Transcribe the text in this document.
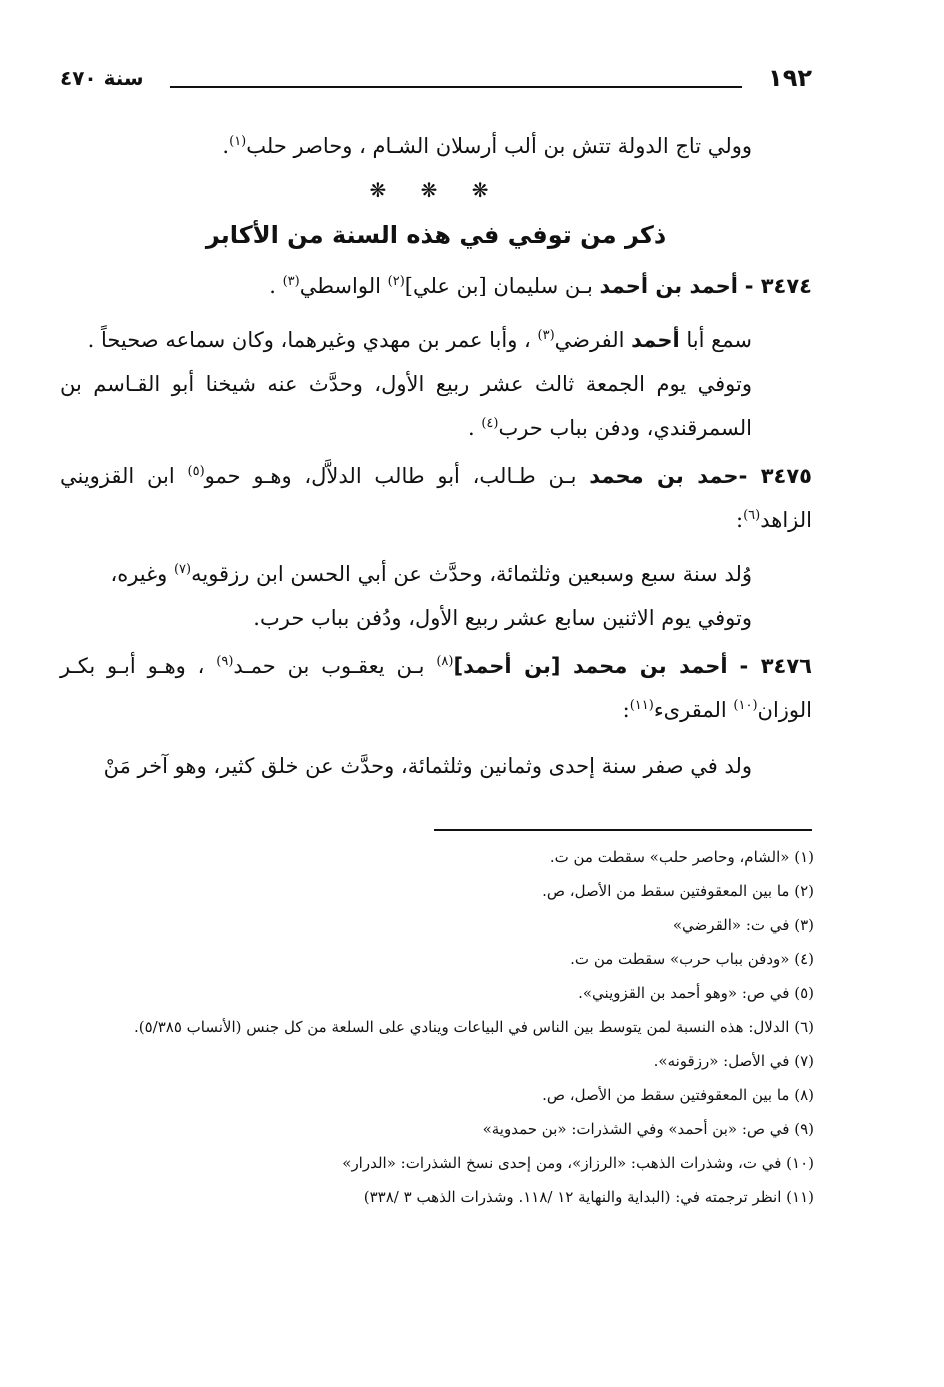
١٩٢
سنة ٤٧٠

وولي تاج الدولة تتش بن ألب أرسلان الشـام ، وحاصر حلب$^{(١)}$.

❋ ❋ ❋

ذكر من توفي في هذه السنة من الأكابر

٣٤٧٤ - أحمد بن أحمد بـن سليمان [بن علي]$^{(٢)}$ الواسطي$^{(٣)}$ .

سمع أبا أحمد الفرضي$^{(٣)}$ ، وأبا عمر بن مهدي وغيرهما، وكان سماعه صحيحاً .

وتوفي يوم الجمعة ثالث عشر ربيع الأول، وحدَّث عنه شيخنا أبو القـاسم بن السمرقندي، ودفن بباب حرب$^{(٤)}$ .

٣٤٧٥ -حمد بن محمد بـن طـالب، أبو طالب الدلاَّل، وهـو حمو$^{(٥)}$ ابن القزويني الزاهد$^{(٦)}$:

وُلد سنة سبع وسبعين وثلثمائة، وحدَّث عن أبي الحسن ابن رزقويه$^{(٧)}$ وغيره،

وتوفي يوم الاثنين سابع عشر ربيع الأول، ودُفن بباب حرب.

٣٤٧٦ - أحمد بن محمد [بن أحمد]$^{(٨)}$ بـن يعقـوب بن حمـد$^{(٩)}$ ، وهـو أبـو بكـر الوزان$^{(١٠)}$ المقرىء$^{(١١)}$:

ولد في صفر سنة إحدى وثمانين وثلثمائة، وحدَّث عن خلق كثير، وهو آخر مَنْ

(١) «الشام، وحاصر حلب» سقطت من ت.

(٢) ما بين المعقوفتين سقط من الأصل، ص.

(٣) في ت: «القرضي»

(٤) «ودفن بباب حرب» سقطت من ت.

(٥) في ص: «وهو أحمد بن القزويني».

(٦) الدلال: هذه النسبة لمن يتوسط بين الناس في البياعات وينادي على السلعة من كل جنس (الأنساب ٥/٣٨٥).

(٧) في الأصل: «رزقونه».

(٨) ما بين المعقوفتين سقط من الأصل، ص.

(٩) في ص: «بن أحمد» وفي الشذرات: «بن حمدوية»

(١٠) في ت، وشذرات الذهب: «الرزاز»، ومن إحدى نسخ الشذرات: «الدرار»

(١١) انظر ترجمته في: (البداية والنهاية ١٢ /١١٨. وشذرات الذهب ٣ /٣٣٨)
